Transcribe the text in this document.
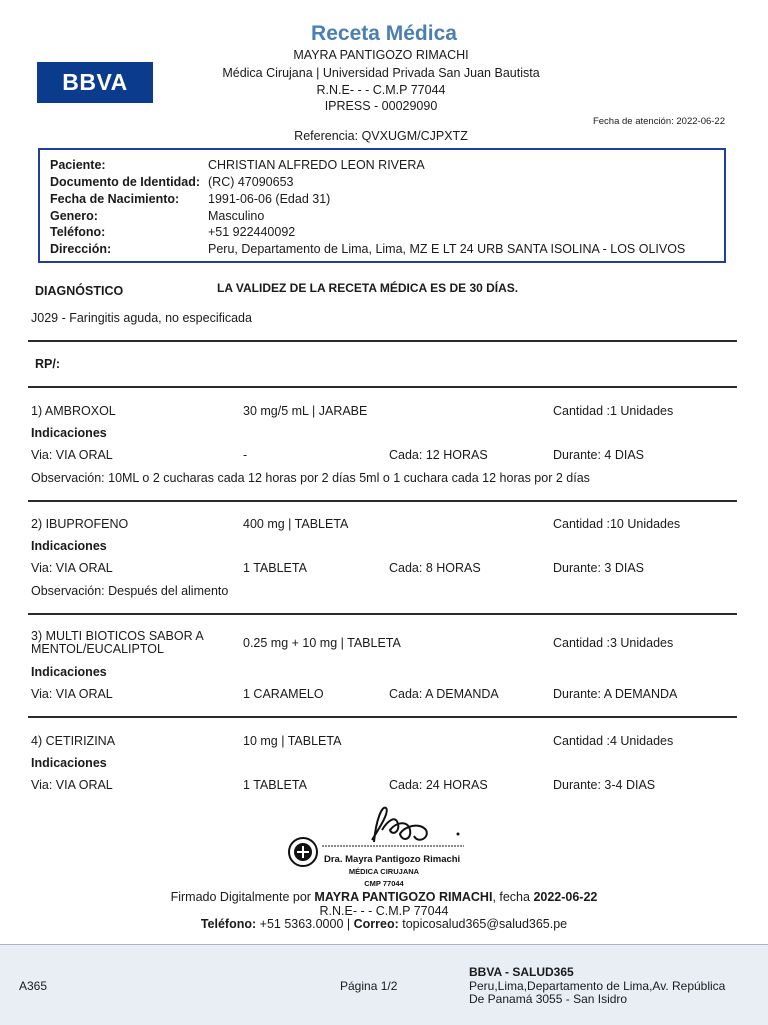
Receta Médica
MAYRA PANTIGOZO RIMACHI
Médica Cirujana | Universidad Privada San Juan Bautista
R.N.E- - - C.M.P 77044
IPRESS - 00029090
BBVA
Fecha de atención: 2022-06-22
Referencia: QVXUGM/CJPXTZ
Paciente:	CHRISTIAN ALFREDO LEON RIVERA
Documento de Identidad: (RC) 47090653
Fecha de Nacimiento:	1991-06-06 (Edad 31)
Genero:	Masculino
Teléfono:	+51 922440092
Dirección:	Peru, Departamento de Lima, Lima, MZ E LT 24 URB SANTA ISOLINA - LOS OLIVOS
DIAGNÓSTICO	LA VALIDEZ DE LA RECETA MÉDICA ES DE 30 DÍAS.
J029 - Faringitis aguda, no especificada
RP/:
1) AMBROXOL	30 mg/5 mL | JARABE	Cantidad :1 Unidades
Indicaciones
Via: VIA ORAL	-	Cada: 12 HORAS	Durante: 4 DIAS
Observación: 10ML o 2 cucharas cada 12 horas por 2 días 5ml o 1 cuchara cada 12 horas por 2 días
2) IBUPROFENO	400 mg | TABLETA	Cantidad :10 Unidades
Indicaciones
Via: VIA ORAL	1 TABLETA	Cada: 8 HORAS	Durante: 3 DIAS
Observación: Después del alimento
3) MULTI BIOTICOS SABOR A
MENTOL/EUCALIPTOL	0.25 mg + 10 mg | TABLETA	Cantidad :3 Unidades
Indicaciones
Via: VIA ORAL	1 CARAMELO	Cada: A DEMANDA	Durante: A DEMANDA
4) CETIRIZINA	10 mg | TABLETA	Cantidad :4 Unidades
Indicaciones
Via: VIA ORAL	1 TABLETA	Cada: 24 HORAS	Durante: 3-4 DIAS
Dra. Mayra Pantigozo Rimachi
MÉDICA CIRUJANA
CMP 77044
Firmado Digitalmente por MAYRA PANTIGOZO RIMACHI, fecha 2022-06-22
R.N.E- - - C.M.P 77044
Teléfono: +51 5363.0000 | Correo: topicosalud365@salud365.pe
A365	Página 1/2
BBVA - SALUD365
Peru,Lima,Departamento de Lima,Av. República
De Panamá 3055 - San Isidro
